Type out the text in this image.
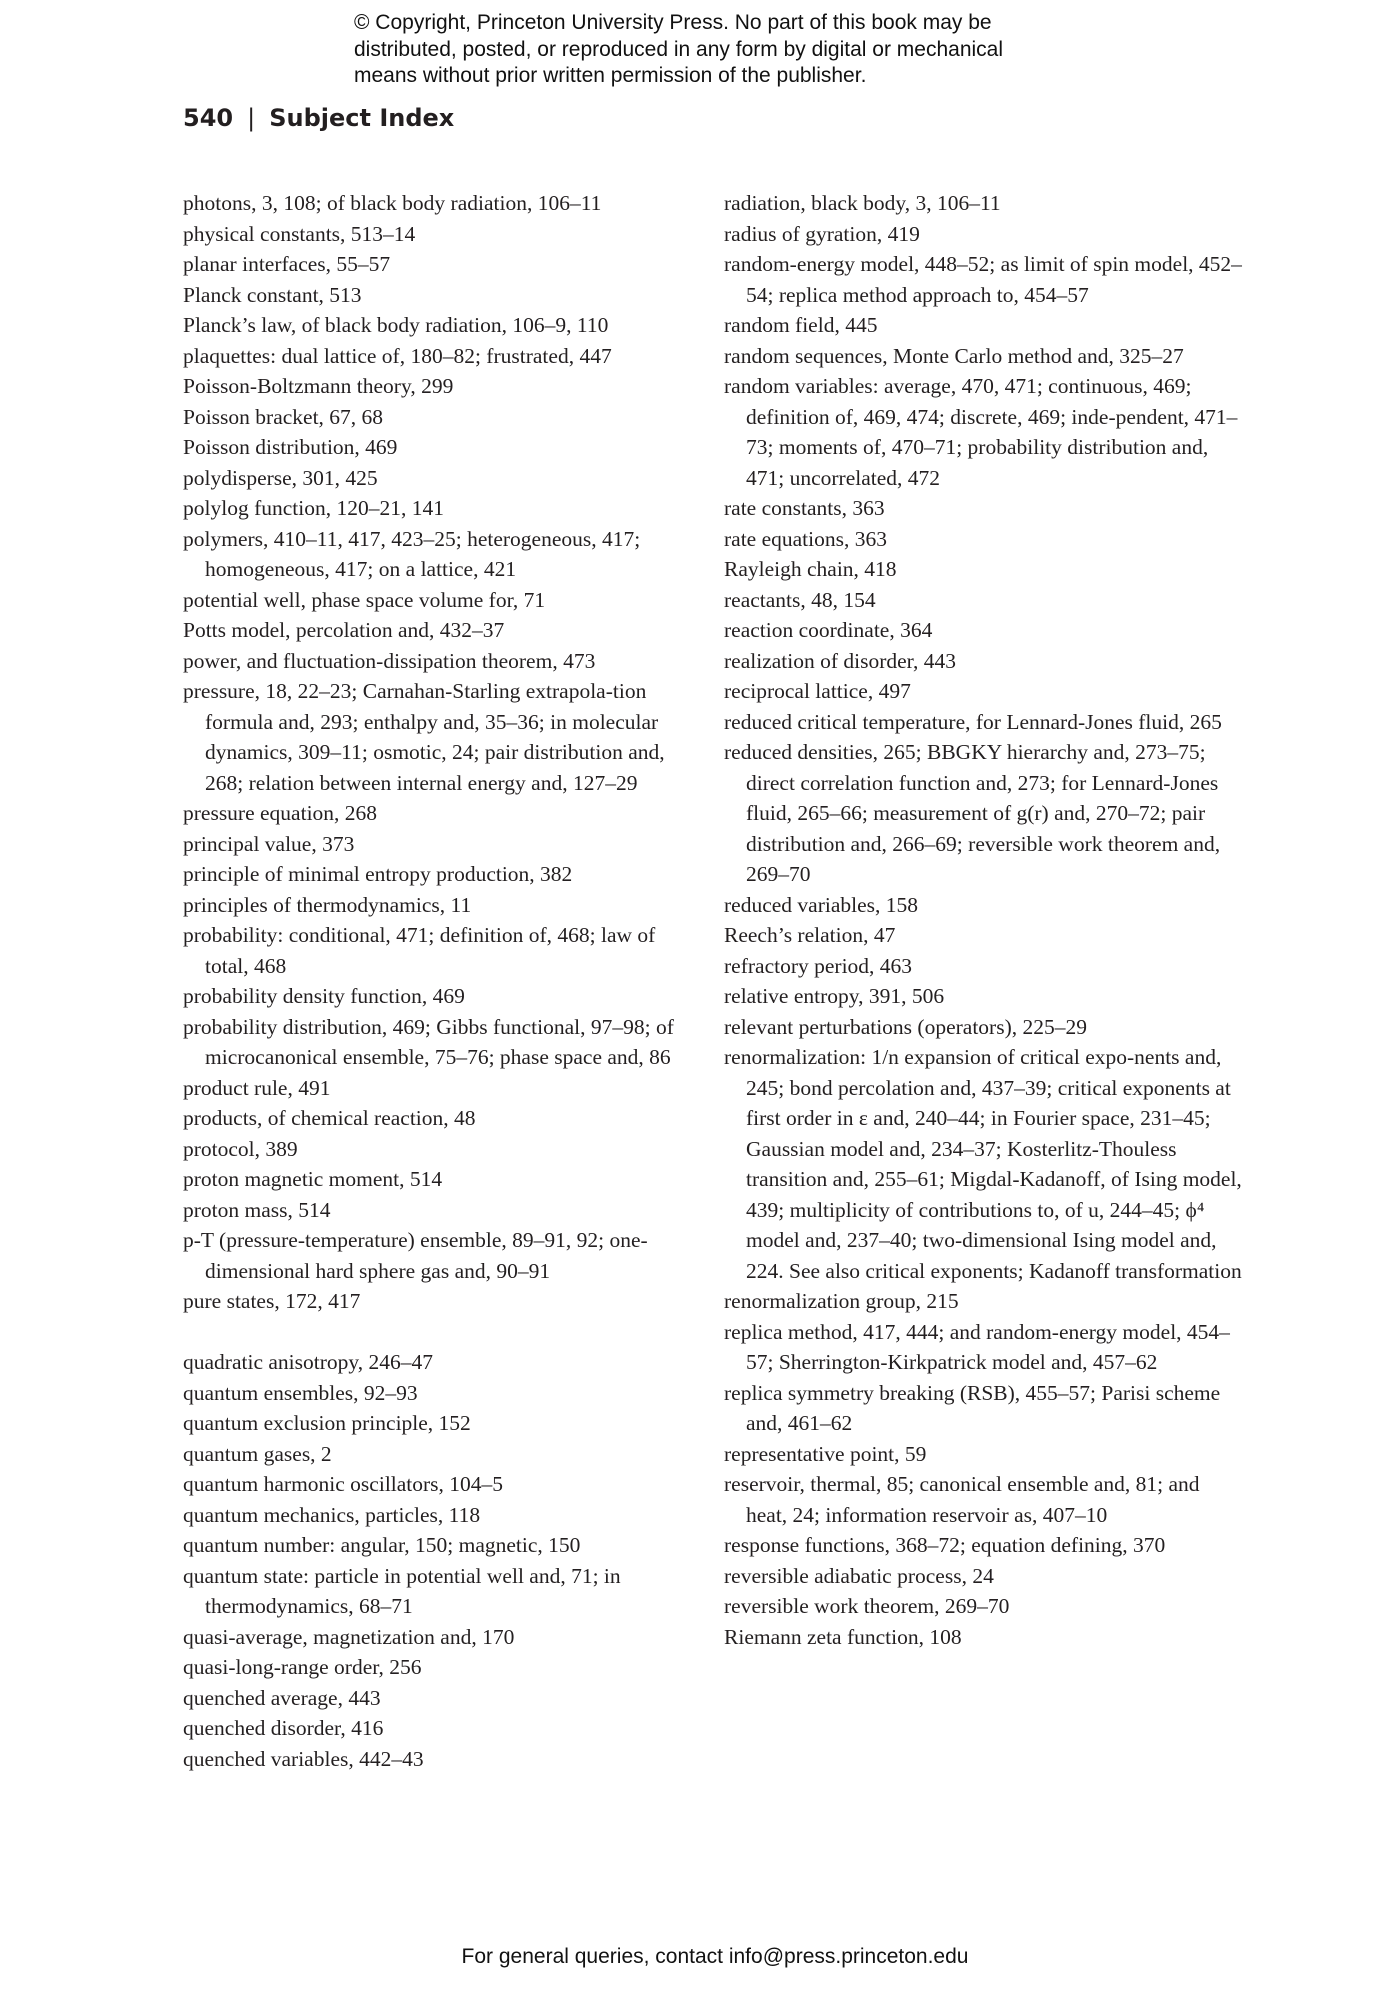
© Copyright, Princeton University Press. No part of this book may be
distributed, posted, or reproduced in any form by digital or mechanical
means without prior written permission of the publisher.
540 | Subject Index
photons, 3, 108; of black body radiation, 106–11
physical constants, 513–14
planar interfaces, 55–57
Planck constant, 513
Planck’s law, of black body radiation, 106–9, 110
plaquettes: dual lattice of, 180–82; frustrated, 447
Poisson-Boltzmann theory, 299
Poisson bracket, 67, 68
Poisson distribution, 469
polydisperse, 301, 425
polylog function, 120–21, 141
polymers, 410–11, 417, 423–25; heterogeneous, 417; homogeneous, 417; on a lattice, 421
potential well, phase space volume for, 71
Potts model, percolation and, 432–37
power, and fluctuation-dissipation theorem, 473
pressure, 18, 22–23; Carnahan-Starling extrapola-tion formula and, 293; enthalpy and, 35–36; in molecular dynamics, 309–11; osmotic, 24; pair distribution and, 268; relation between internal energy and, 127–29
pressure equation, 268
principal value, 373
principle of minimal entropy production, 382
principles of thermodynamics, 11
probability: conditional, 471; definition of, 468; law of total, 468
probability density function, 469
probability distribution, 469; Gibbs functional, 97–98; of microcanonical ensemble, 75–76; phase space and, 86
product rule, 491
products, of chemical reaction, 48
protocol, 389
proton magnetic moment, 514
proton mass, 514
p-T (pressure-temperature) ensemble, 89–91, 92; one-dimensional hard sphere gas and, 90–91
pure states, 172, 417
quadratic anisotropy, 246–47
quantum ensembles, 92–93
quantum exclusion principle, 152
quantum gases, 2
quantum harmonic oscillators, 104–5
quantum mechanics, particles, 118
quantum number: angular, 150; magnetic, 150
quantum state: particle in potential well and, 71; in thermodynamics, 68–71
quasi-average, magnetization and, 170
quasi-long-range order, 256
quenched average, 443
quenched disorder, 416
quenched variables, 442–43
radiation, black body, 3, 106–11
radius of gyration, 419
random-energy model, 448–52; as limit of spin model, 452–54; replica method approach to, 454–57
random field, 445
random sequences, Monte Carlo method and, 325–27
random variables: average, 470, 471; continuous, 469; definition of, 469, 474; discrete, 469; inde-pendent, 471–73; moments of, 470–71; probability distribution and, 471; uncorrelated, 472
rate constants, 363
rate equations, 363
Rayleigh chain, 418
reactants, 48, 154
reaction coordinate, 364
realization of disorder, 443
reciprocal lattice, 497
reduced critical temperature, for Lennard-Jones fluid, 265
reduced densities, 265; BBGKY hierarchy and, 273–75; direct correlation function and, 273; for Lennard-Jones fluid, 265–66; measurement of g(r) and, 270–72; pair distribution and, 266–69; reversible work theorem and, 269–70
reduced variables, 158
Reech’s relation, 47
refractory period, 463
relative entropy, 391, 506
relevant perturbations (operators), 225–29
renormalization: 1/n expansion of critical expo-nents and, 245; bond percolation and, 437–39; critical exponents at first order in ε and, 240–44; in Fourier space, 231–45; Gaussian model and, 234–37; Kosterlitz-Thouless transition and, 255–61; Migdal-Kadanoff, of Ising model, 439; multiplicity of contributions to, of u, 244–45; ϕ⁴ model and, 237–40; two-dimensional Ising model and, 224. See also critical exponents; Kadanoff transformation
renormalization group, 215
replica method, 417, 444; and random-energy model, 454–57; Sherrington-Kirkpatrick model and, 457–62
replica symmetry breaking (RSB), 455–57; Parisi scheme and, 461–62
representative point, 59
reservoir, thermal, 85; canonical ensemble and, 81; and heat, 24; information reservoir as, 407–10
response functions, 368–72; equation defining, 370
reversible adiabatic process, 24
reversible work theorem, 269–70
Riemann zeta function, 108
For general queries, contact info@press.princeton.edu
